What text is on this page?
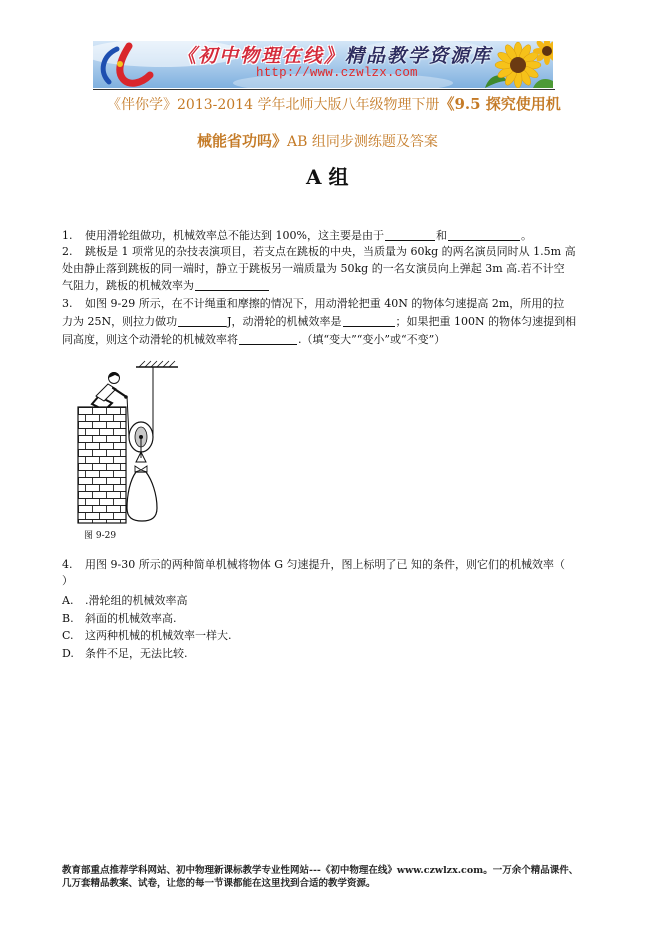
《初中物理在线》精品教学资源库
http://www.czwlzx.com
《伴你学》2013-2014 学年北师大版八年级物理下册《9.5 探究使用机
械能省功吗》AB 组同步测练题及答案
A 组
1. 使用滑轮组做功，机械效率总不能达到 100%，这主要是由于	和	。
2. 跳板是 1 项常见的杂技表演项目，若支点在跳板的中央，当质量为 60kg 的两名演员同时从 1.5m 高
处由静止落到跳板的同一端时，静立于跳板另一端质量为 50kg 的一名女演员向上弹起 3m 高.若不计空
气阻力，跳板的机械效率为
3. 如图 9-29 所示，在不计绳重和摩擦的情况下，用动滑轮把重 40N 的物体匀速提高 2m，所用的拉
力为 25N，则拉力做功	J，动滑轮的机械效率是	；如果把重 100N 的物体匀速提到相
同高度，则这个动滑轮的机械效率将	.（填“变大”“变小”或“不变”）
图 9-29
4. 用图 9-30 所示的两种简单机械将物体 G 匀速提升，图上标明了已 知的条件，则它们的机械效率（
）
A. .滑轮组的机械效率高
B. 斜面的机械效率高.
C. 这两种机械的机械效率一样大.
D. 条件不足，无法比较.
教育部重点推荐学科网站、初中物理新课标教学专业性网站---《初中物理在线》www.czwlzx.com。一万余个精品课件、
几万套精品教案、试卷，让您的每一节课都能在这里找到合适的教学资源。
